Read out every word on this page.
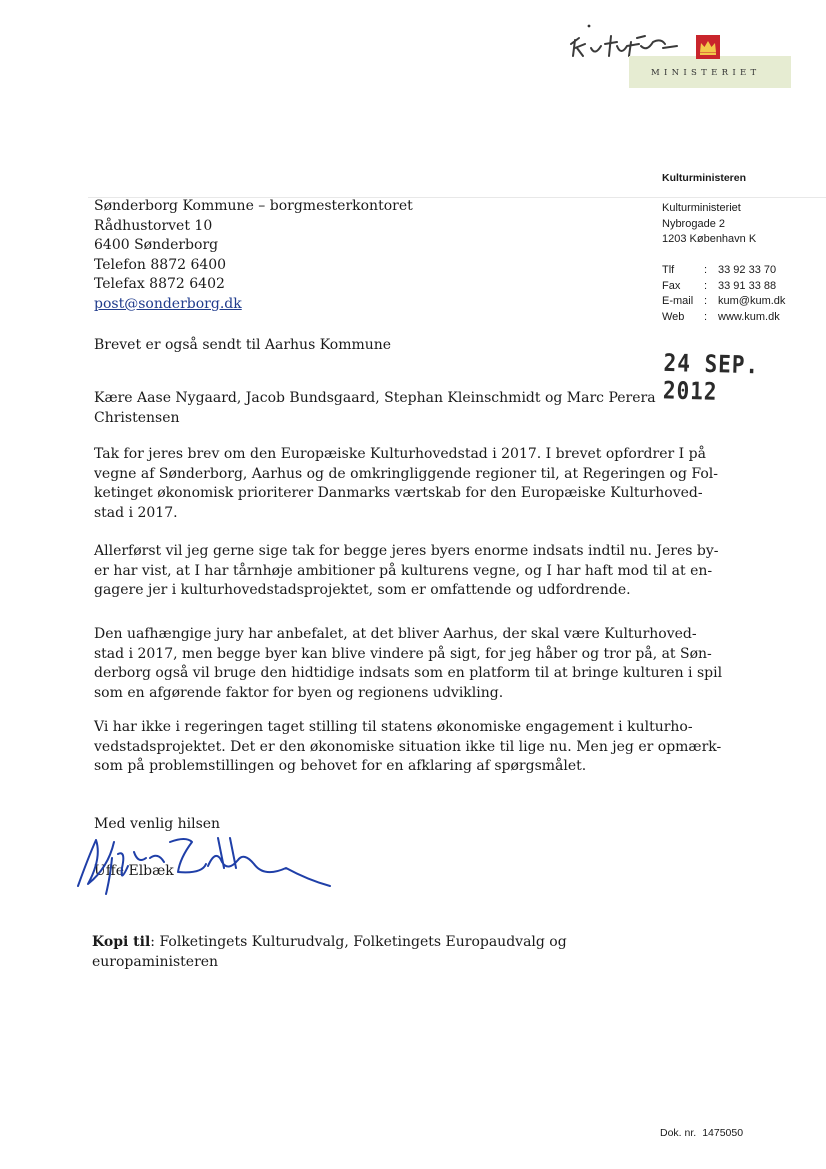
MINISTERIET
Kulturministeren
Kulturministeriet
Nybrogade 2
1203 København K
Tlf	: 33 92 33 70
Fax	: 33 91 33 88
E-mail : kum@kum.dk
Web	: www.kum.dk
24 SEP. 2012
Sønderborg Kommune – borgmesterkontoret
Rådhustorvet 10
6400 Sønderborg
Telefon 8872 6400
Telefax 8872 6402
post@sonderborg.dk
Brevet er også sendt til Aarhus Kommune
Kære Aase Nygaard, Jacob Bundsgaard, Stephan Kleinschmidt og Marc Perera
Christensen
Tak for jeres brev om den Europæiske Kulturhovedstad i 2017. I brevet opfordrer I på
vegne af Sønderborg, Aarhus og de omkringliggende regioner til, at Regeringen og Fol-
ketinget økonomisk prioriterer Danmarks værtskab for den Europæiske Kulturhoved-
stad i 2017.
Allerførst vil jeg gerne sige tak for begge jeres byers enorme indsats indtil nu. Jeres by-
er har vist, at I har tårnhøje ambitioner på kulturens vegne, og I har haft mod til at en-
gagere jer i kulturhovedstadsprojektet, som er omfattende og udfordrende.
Den uafhængige jury har anbefalet, at det bliver Aarhus, der skal være Kulturhoved-
stad i 2017, men begge byer kan blive vindere på sigt, for jeg håber og tror på, at Søn-
derborg også vil bruge den hidtidige indsats som en platform til at bringe kulturen i spil
som en afgørende faktor for byen og regionens udvikling.
Vi har ikke i regeringen taget stilling til statens økonomiske engagement i kulturho-
vedstadsprojektet. Det er den økonomiske situation ikke til lige nu. Men jeg er opmærk-
som på problemstillingen og behovet for en afklaring af spørgsmålet.
Med venlig hilsen
Uffe Elbæk
Kopi til: Folketingets Kulturudvalg, Folketingets Europaudvalg og europaministeren
Dok. nr. 1475050
